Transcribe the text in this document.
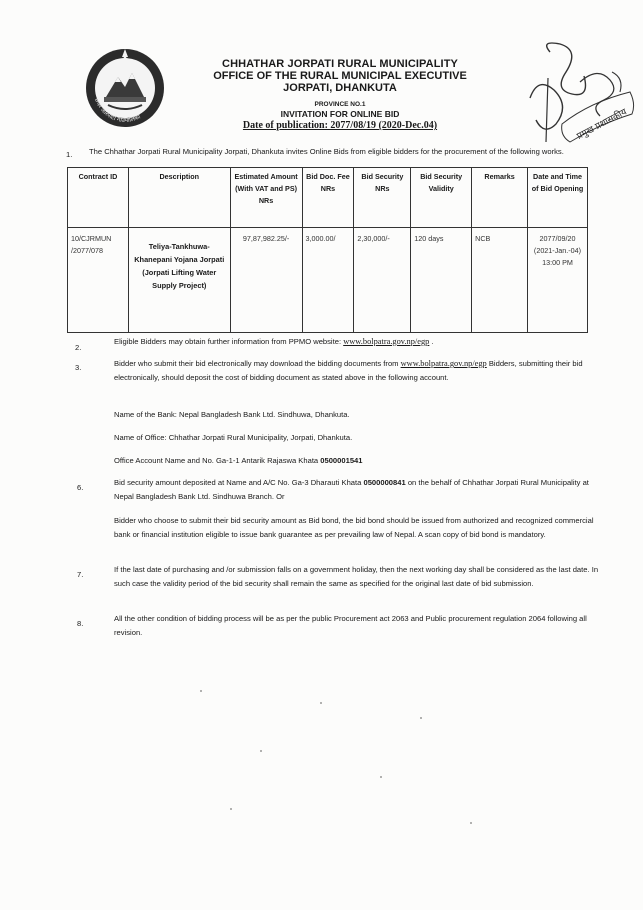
छथर जोरपाटी गाउँपालिका	प्रमुख प्रशासकीय
CHHATHAR JORPATI RURAL MUNICIPALITY
OFFICE OF THE RURAL MUNICIPAL EXECUTIVE
JORPATI, DHANKUTA
PROVINCE NO.1
INVITATION FOR ONLINE BID
Date of publication: 2077/08/19 (2020-Dec.04)
1. The Chhathar Jorpati Rural Municipality Jorpati, Dhankuta invites Online Bids from eligible bidders for the procurement of the following works.
Contract ID	Description	Estimated Amount (With VAT and PS) NRs	Bid Doc. Fee NRs	Bid Security NRs	Bid Security Validity	Remarks	Date and Time of Bid Opening
10/CJRMUN /2077/078	Teliya-Tankhuwa-Khanepani Yojana Jorpati (Jorpati Lifting Water Supply Project)	97,87,982.25/-	3,000.00/	2,30,000/-	120 days	NCB	2077/09/20 (2021-Jan.-04)
13:00 PM
2.
Eligible Bidders may obtain further information from PPMO website: www.bolpatra.gov.np/egp .
3.	Bidder who submit their bid electronically may download the bidding documents from www.bolpatra.gov.np/egp Bidders, submitting their bid electronically, should deposit the cost of bidding document as stated above in the following account.
Name of the Bank: Nepal Bangladesh Bank Ltd. Sindhuwa, Dhankuta.
Name of Office: Chhathar Jorpati Rural Municipality, Jorpati, Dhankuta.
Office Account Name and No. Ga-1-1 Antarik Rajaswa Khata 0500001541
6.
Bid security amount deposited at Name and A/C No. Ga-3 Dharauti Khata 0500000841 on the behalf of Chhathar Jorpati Rural Municipality at Nepal Bangladesh Bank Ltd. Sindhuwa Branch. Or
Bidder who choose to submit their bid security amount as Bid bond, the bid bond should be issued from authorized and recognized commercial bank or financial institution eligible to issue bank guarantee as per prevailing law of Nepal. A scan copy of bid bond is mandatory.
7.
If the last date of purchasing and /or submission falls on a government holiday, then the next working day shall be considered as the last date. In such case the validity period of the bid security shall remain the same as specified for the original last date of bid submission.
8.
All the other condition of bidding process will be as per the public Procurement act 2063 and Public procurement regulation 2064 following all revision.
